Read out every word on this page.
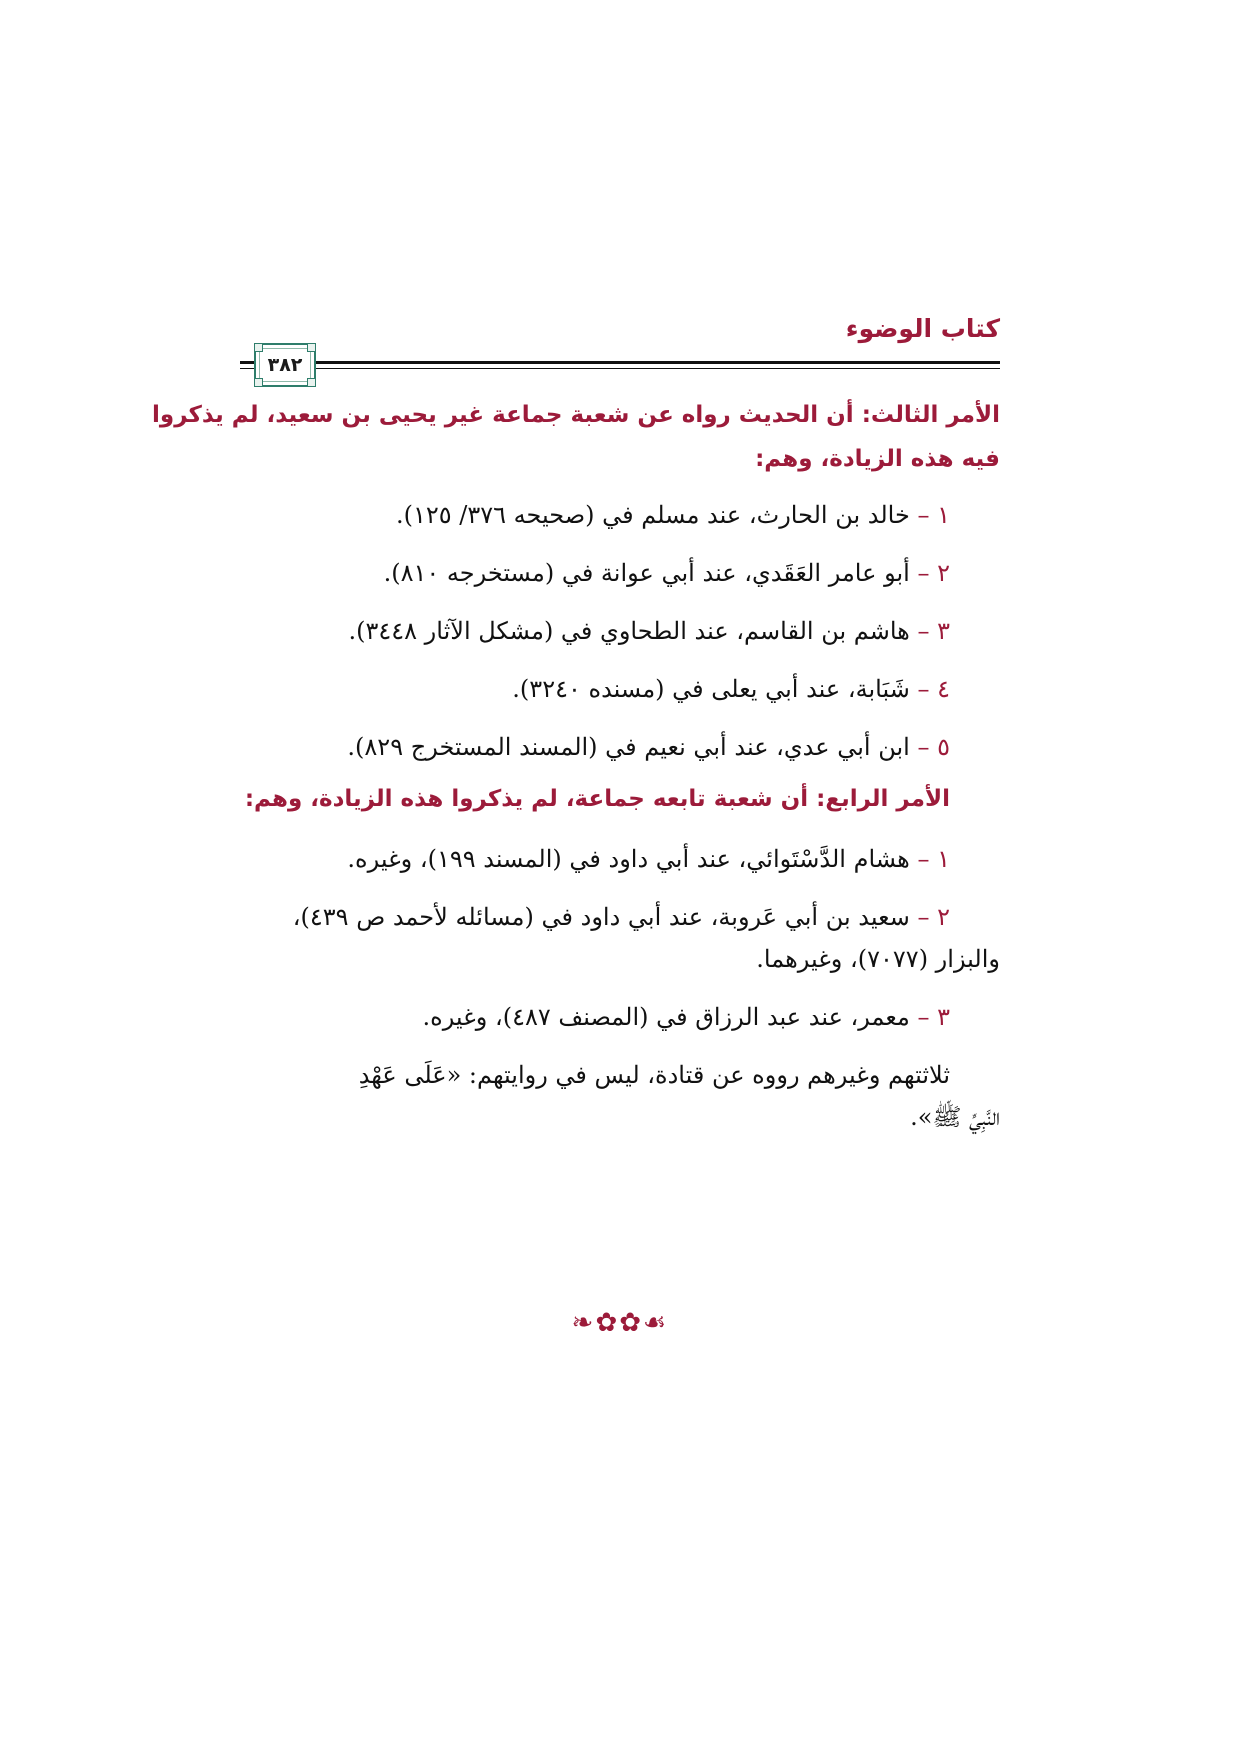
كتاب الوضوء
٣٨٢
الأمر الثالث: أن الحديث رواه عن شعبة جماعة غير يحيى بن سعيد، لم يذكروا
فيه هذه الزيادة، وهم:
١ – خالد بن الحارث، عند مسلم في (صحيحه ٣٧٦/ ١٢٥).
٢ – أبو عامر العَقَدي، عند أبي عوانة في (مستخرجه ٨١٠).
٣ – هاشم بن القاسم، عند الطحاوي في (مشكل الآثار ٣٤٤٨).
٤ – شَبَابة، عند أبي يعلى في (مسنده ٣٢٤٠).
٥ – ابن أبي عدي، عند أبي نعيم في (المسند المستخرج ٨٢٩).
الأمر الرابع: أن شعبة تابعه جماعة، لم يذكروا هذه الزيادة، وهم:
١ – هشام الدَّسْتَوائي، عند أبي داود في (المسند ١٩٩)، وغيره.
٢ – سعيد بن أبي عَروبة، عند أبي داود في (مسائله لأحمد ص ٤٣٩)،
والبزار (٧٠٧٧)، وغيرهما.
٣ – معمر، عند عبد الرزاق في (المصنف ٤٨٧)، وغيره.
ثلاثتهم وغيرهم رووه عن قتادة، ليس في روايتهم: «عَلَى عَهْدِ
النَّبِيِّ ﷺ».
❧✿✿☙
